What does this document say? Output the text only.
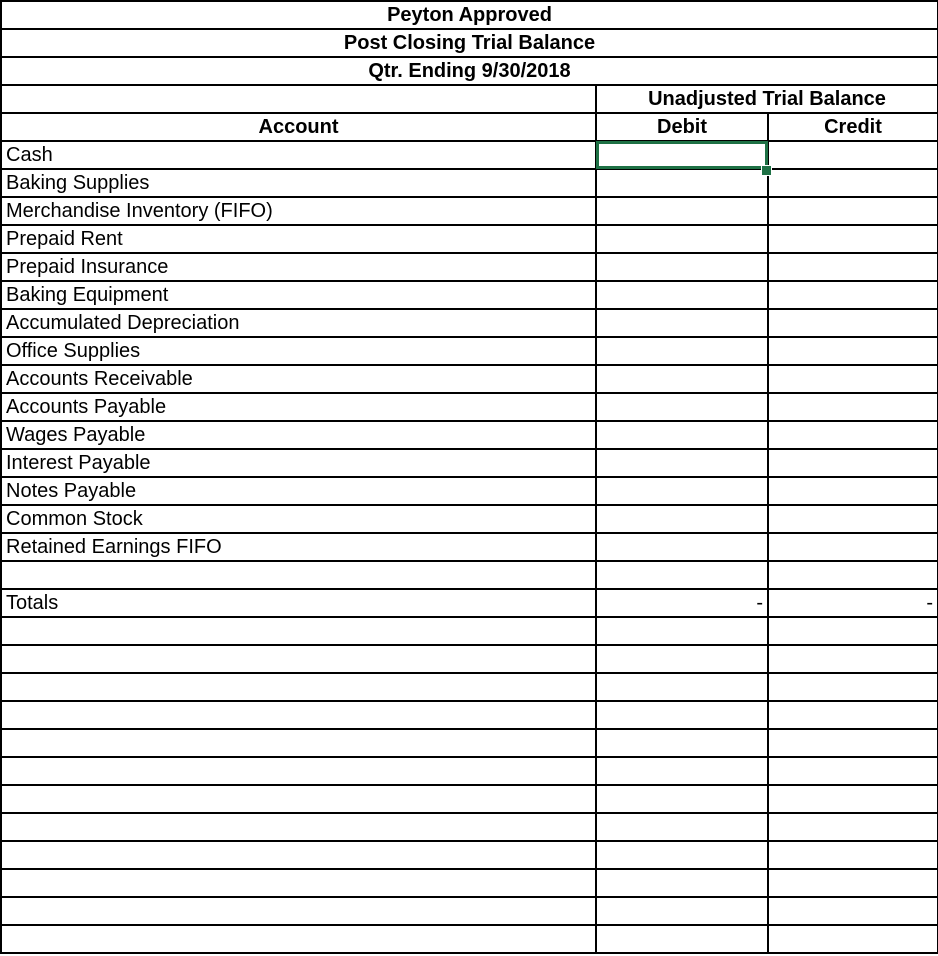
Peyton Approved		
Post Closing Trial Balance		
Qtr. Ending 9/30/2018		
	Unadjusted Trial Balance	
Account	Debit	Credit
Cash		
Baking Supplies		
Merchandise Inventory (FIFO)		
Prepaid Rent		
Prepaid Insurance		
Baking Equipment		
Accumulated Depreciation		
Office Supplies		
Accounts Receivable		
Accounts Payable		
Wages Payable		
Interest Payable		
Notes Payable		
Common Stock		
Retained Earnings FIFO		

Totals	-	-
